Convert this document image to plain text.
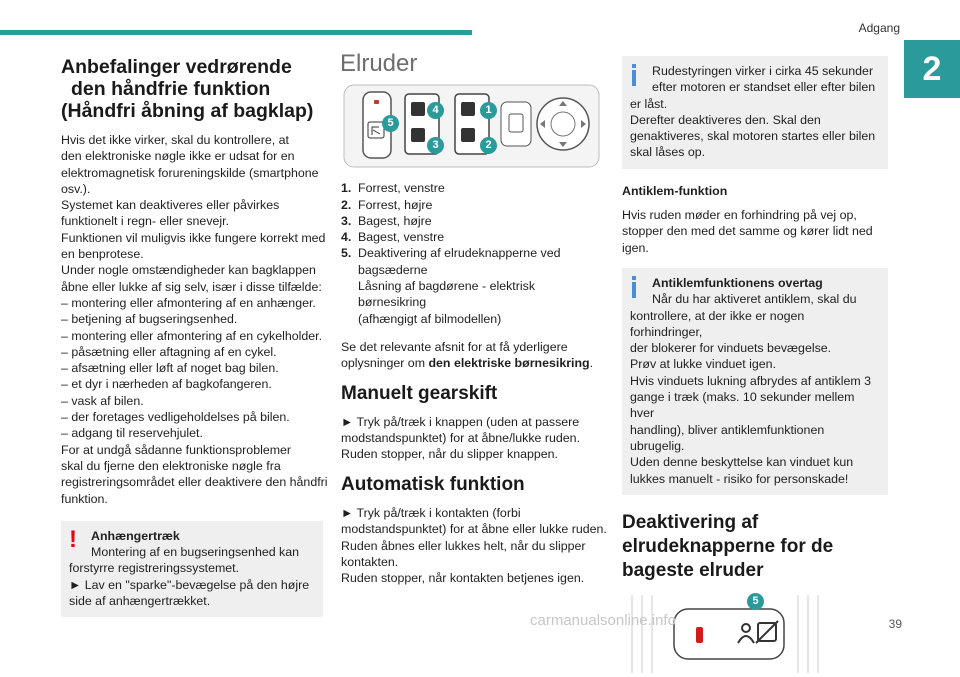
Adgang
2
Anbefalinger vedrørende
den håndfrie funktion
(Håndfri åbning af bagklap)
Hvis det ikke virker, skal du kontrollere, at
den elektroniske nøgle ikke er udsat for en
elektromagnetisk forureningskilde (smartphone
osv.).
Systemet kan deaktiveres eller påvirkes
funktionelt i regn- eller snevejr.
Funktionen vil muligvis ikke fungere korrekt med
en benprotese.
Under nogle omstændigheder kan bagklappen
åbne eller lukke af sig selv, især i disse tilfælde:
– montering eller afmontering af en anhænger.
– betjening af bugseringsenhed.
– montering eller afmontering af en cykelholder.
– påsætning eller aftagning af en cykel.
– afsætning eller løft af noget bag bilen.
– et dyr i nærheden af bagkofangeren.
– vask af bilen.
– der foretages vedligeholdelses på bilen.
– adgang til reservehjulet.
For at undgå sådanne funktionsproblemer
skal du fjerne den elektroniske nøgle fra
registreringsområdet eller deaktivere den håndfri
funktion.
!	Anhængertræk
Montering af en bugseringsenhed kan
forstyrre registreringssystemet.
► Lav en "sparke"-bevægelse på den højre
side af anhængertrækket.
Elruder
4	1
5
3	2
1. Forrest, venstre
2. Forrest, højre
3. Bagest, højre
4. Bagest, venstre
5. Deaktivering af elrudeknapperne ved
bagsæderne
Låsning af bagdørene - elektrisk børnesikring
(afhængigt af bilmodellen)

Se det relevante afsnit for at få yderligere
oplysninger om den elektriske børnesikring.

Manuelt gearskift
► Tryk på/træk i knappen (uden at passere
modstandspunktet) for at åbne/lukke ruden.
Ruden stopper, når du slipper knappen.
Automatisk funktion
► Tryk på/træk i kontakten (forbi
modstandspunktet) for at åbne eller lukke ruden.
Ruden åbnes eller lukkes helt, når du slipper
kontakten.
Ruden stopper, når kontakten betjenes igen.
Rudestyringen virker i cirka 45 sekunder
efter motoren er standset eller efter bilen
er låst.
Derefter deaktiveres den. Skal den
genaktiveres, skal motoren startes eller bilen
skal låses op.
Antiklem-funktion
Hvis ruden møder en forhindring på vej op,
stopper den med det samme og kører lidt ned
igen.
Antiklemfunktionens overtag
Når du har aktiveret antiklem, skal du
kontrollere, at der ikke er nogen forhindringer,
der blokerer for vinduets bevægelse.
Prøv at lukke vinduet igen.
Hvis vinduets lukning afbrydes af antiklem 3
gange i træk (maks. 10 sekunder mellem hver
handling), bliver antiklemfunktionen ubrugelig.
Uden denne beskyttelse kan vinduet kun
lukkes manuelt - risiko for personskade!
Deaktivering af
elrudeknapperne for de
bageste elruder
5
carmanualsonline.info	39
